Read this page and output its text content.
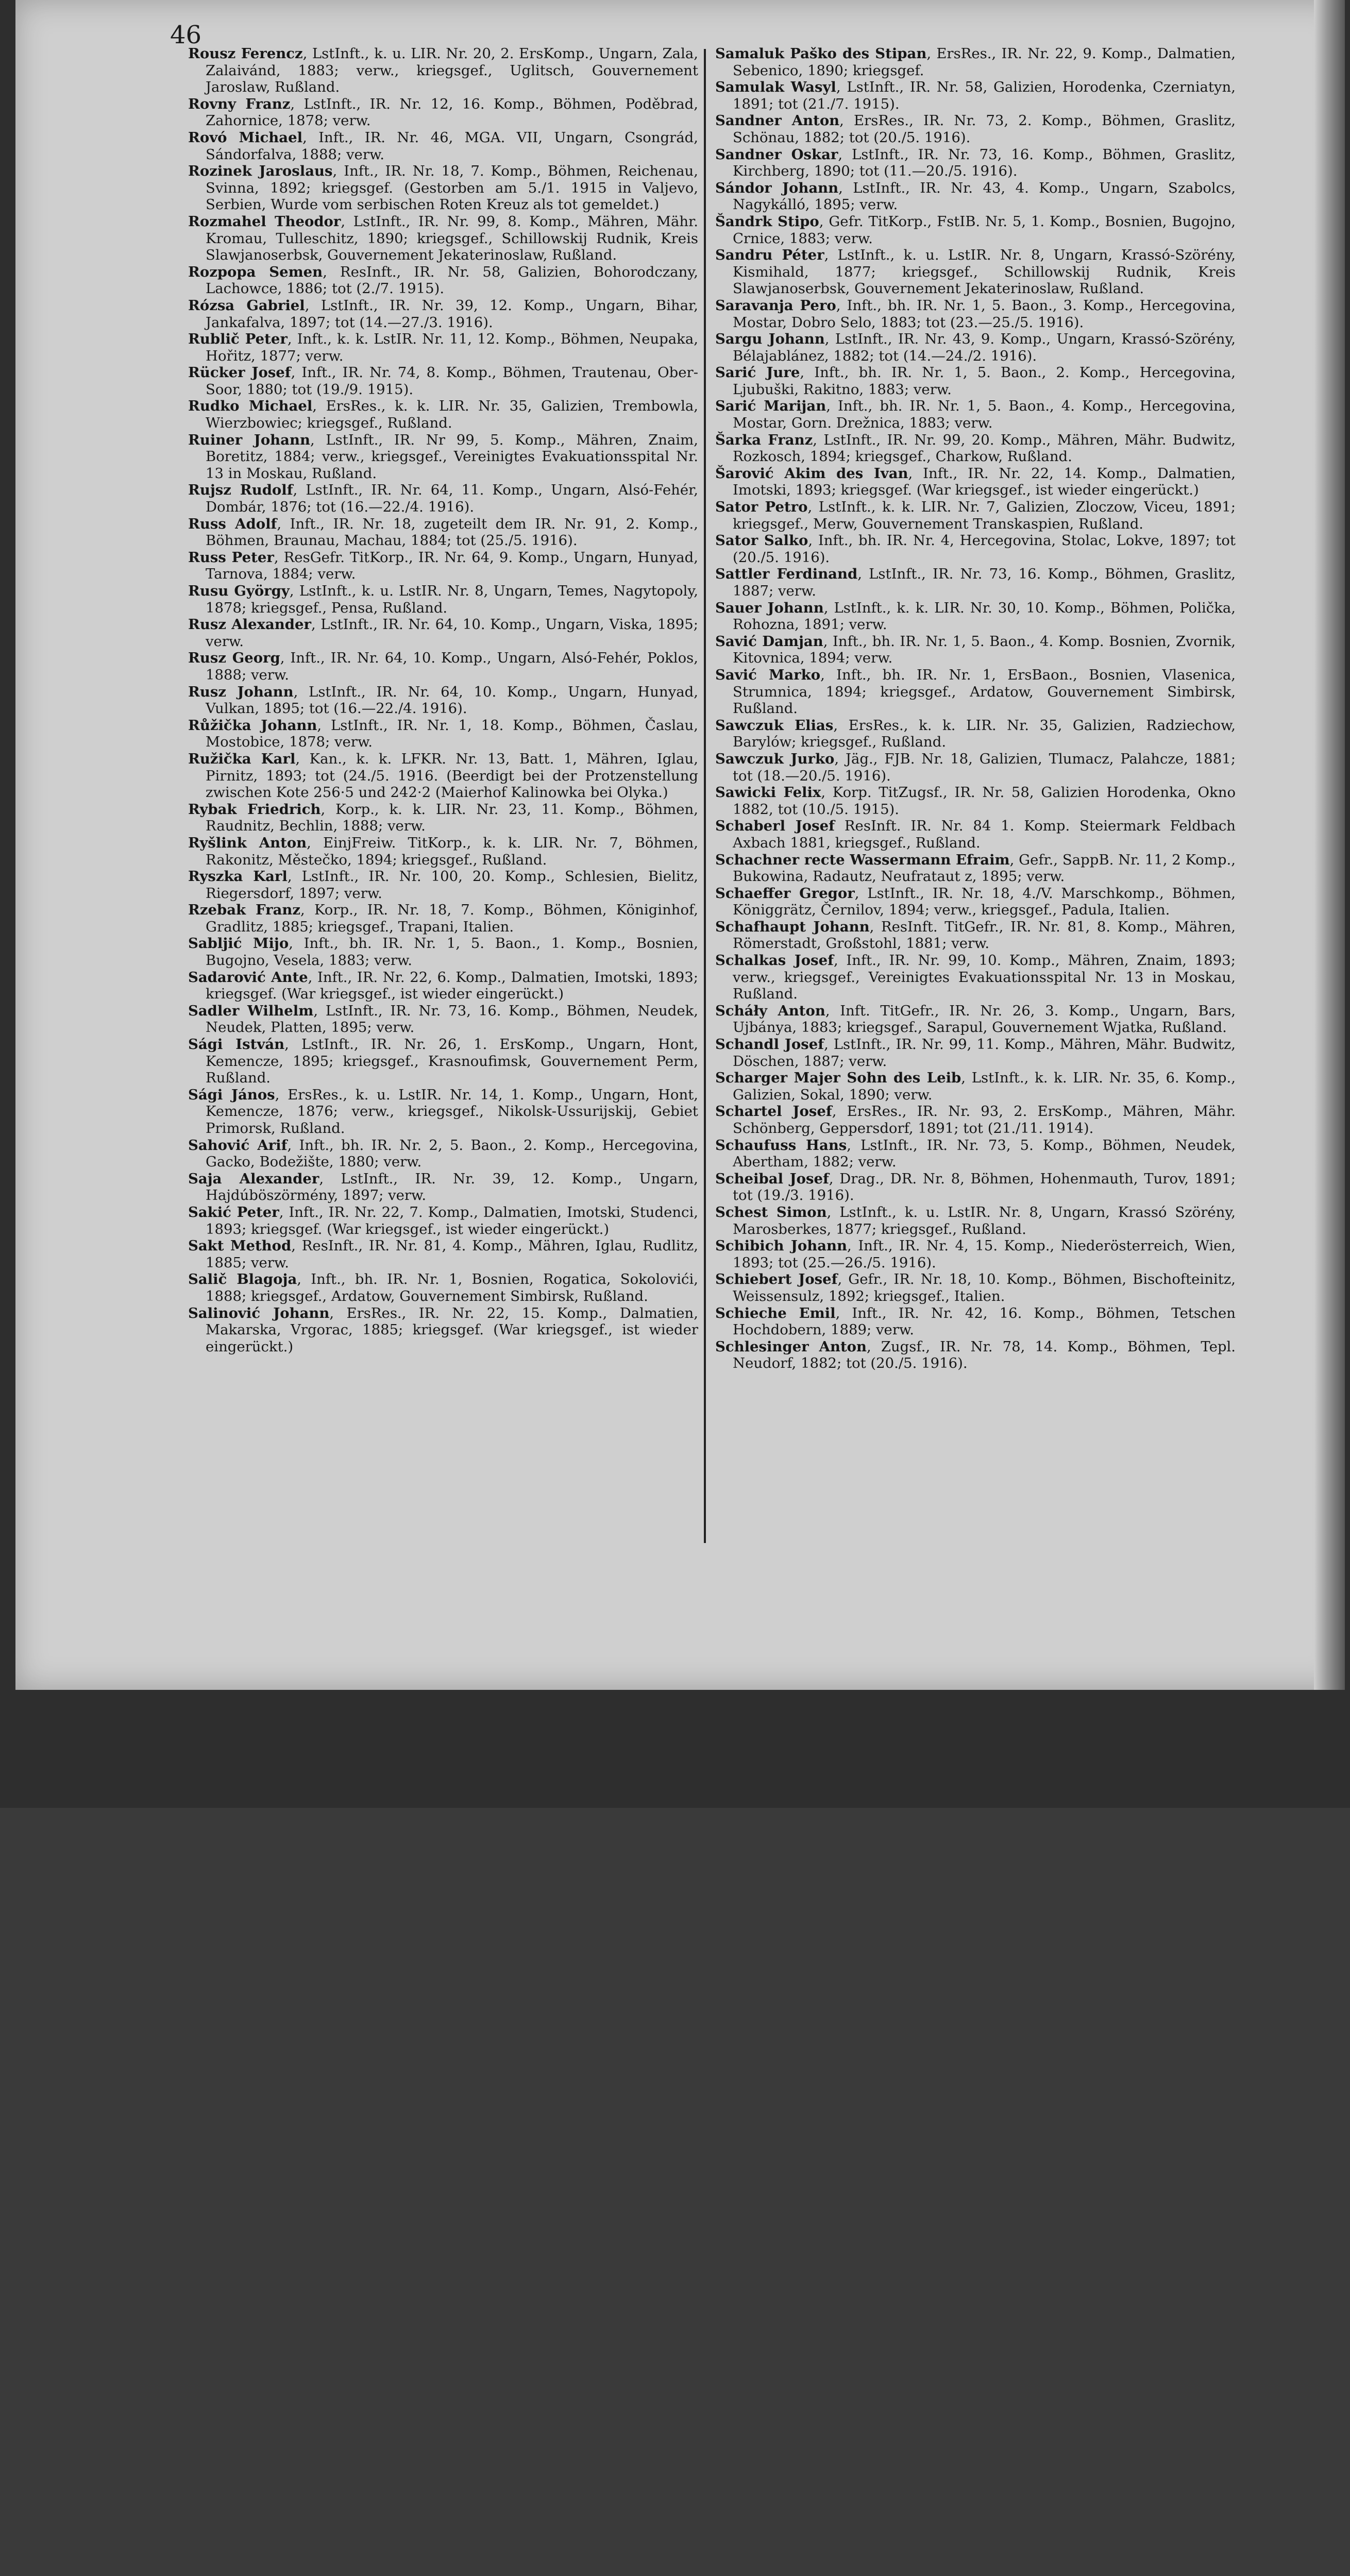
46
Rousz Ferencz, LstInft., k. u. LIR. Nr. 20, 2. ErsKomp., Ungarn, Zala, Zalaivánd, 1883; verw., kriegsgef., Uglitsch, Gouvernement Jaroslaw, Rußland.
Rovny Franz, LstInft., IR. Nr. 12, 16. Komp., Böhmen, Poděbrad, Zahornice, 1878; verw.
Rovó Michael, Inft., IR. Nr. 46, MGA. VII, Ungarn, Csongrád, Sándorfalva, 1888; verw.
Rozinek Jaroslaus, Inft., IR. Nr. 18, 7. Komp., Böhmen, Reichenau, Svinna, 1892; kriegsgef. (Gestorben am 5./1. 1915 in Valjevo, Serbien, Wurde vom serbischen Roten Kreuz als tot gemeldet.)
Rozmahel Theodor, LstInft., IR. Nr. 99, 8. Komp., Mähren, Mähr. Kromau, Tulleschitz, 1890; kriegsgef., Schillowskij Rudnik, Kreis Slawjanoserbsk, Gouvernement Jekaterinoslaw, Rußland.
Rozpopa Semen, ResInft., IR. Nr. 58, Galizien, Bohorodczany, Lachowce, 1886; tot (2./7. 1915).
Rózsa Gabriel, LstInft., IR. Nr. 39, 12. Komp., Ungarn, Bihar, Jankafalva, 1897; tot (14.—27./3. 1916).
Rublič Peter, Inft., k. k. LstIR. Nr. 11, 12. Komp., Böhmen, Neupaka, Hořitz, 1877; verw.
Rücker Josef, Inft., IR. Nr. 74, 8. Komp., Böhmen, Trautenau, Ober-Soor, 1880; tot (19./9. 1915).
Rudko Michael, ErsRes., k. k. LIR. Nr. 35, Galizien, Trembowla, Wierzbowiec; kriegsgef., Rußland.
Ruiner Johann, LstInft., IR. Nr 99, 5. Komp., Mähren, Znaim, Boretitz, 1884; verw., kriegsgef., Vereinigtes Evakuationsspital Nr. 13 in Moskau, Rußland.
Rujsz Rudolf, LstInft., IR. Nr. 64, 11. Komp., Ungarn, Alsó-Fehér, Dombár, 1876; tot (16.—22./4. 1916).
Russ Adolf, Inft., IR. Nr. 18, zugeteilt dem IR. Nr. 91, 2. Komp., Böhmen, Braunau, Machau, 1884; tot (25./5. 1916).
Russ Peter, ResGefr. TitKorp., IR. Nr. 64, 9. Komp., Ungarn, Hunyad, Tarnova, 1884; verw.
Rusu György, LstInft., k. u. LstIR. Nr. 8, Ungarn, Temes, Nagytopoly, 1878; kriegsgef., Pensa, Rußland.
Rusz Alexander, LstInft., IR. Nr. 64, 10. Komp., Ungarn, Viska, 1895; verw.
Rusz Georg, Inft., IR. Nr. 64, 10. Komp., Ungarn, Alsó-Fehér, Poklos, 1888; verw.
Rusz Johann, LstInft., IR. Nr. 64, 10. Komp., Ungarn, Hunyad, Vulkan, 1895; tot (16.—22./4. 1916).
Růžička Johann, LstInft., IR. Nr. 1, 18. Komp., Böhmen, Časlau, Mostobice, 1878; verw.
Ružička Karl, Kan., k. k. LFKR. Nr. 13, Batt. 1, Mähren, Iglau, Pirnitz, 1893; tot (24./5. 1916. (Beerdigt bei der Protzenstellung zwischen Kote 256·5 und 242·2 (Maierhof Kalinowka bei Olyka.)
Rybak Friedrich, Korp., k. k. LIR. Nr. 23, 11. Komp., Böhmen, Raudnitz, Bechlin, 1888; verw.
Ryšlink Anton, EinjFreiw. TitKorp., k. k. LIR. Nr. 7, Böhmen, Rakonitz, Městečko, 1894; kriegsgef., Rußland.
Ryszka Karl, LstInft., IR. Nr. 100, 20. Komp., Schlesien, Bielitz, Riegersdorf, 1897; verw.
Rzebak Franz, Korp., IR. Nr. 18, 7. Komp., Böhmen, Königinhof, Gradlitz, 1885; kriegsgef., Trapani, Italien.
Sabljić Mijo, Inft., bh. IR. Nr. 1, 5. Baon., 1. Komp., Bosnien, Bugojno, Vesela, 1883; verw.
Sadarović Ante, Inft., IR. Nr. 22, 6. Komp., Dalmatien, Imotski, 1893; kriegsgef. (War kriegsgef., ist wieder eingerückt.)
Sadler Wilhelm, LstInft., IR. Nr. 73, 16. Komp., Böhmen, Neudek, Neudek, Platten, 1895; verw.
Sági István, LstInft., IR. Nr. 26, 1. ErsKomp., Ungarn, Hont, Kemencze, 1895; kriegsgef., Krasnoufimsk, Gouvernement Perm, Rußland.
Sági János, ErsRes., k. u. LstIR. Nr. 14, 1. Komp., Ungarn, Hont, Kemencze, 1876; verw., kriegsgef., Nikolsk-Ussurijskij, Gebiet Primorsk, Rußland.
Sahović Arif, Inft., bh. IR. Nr. 2, 5. Baon., 2. Komp., Hercegovina, Gacko, Bodežište, 1880; verw.
Saja Alexander, LstInft., IR. Nr. 39, 12. Komp., Ungarn, Hajdúböszörmény, 1897; verw.
Sakić Peter, Inft., IR. Nr. 22, 7. Komp., Dalmatien, Imotski, Studenci, 1893; kriegsgef. (War kriegsgef., ist wieder eingerückt.)
Sakt Method, ResInft., IR. Nr. 81, 4. Komp., Mähren, Iglau, Rudlitz, 1885; verw.
Salič Blagoja, Inft., bh. IR. Nr. 1, Bosnien, Rogatica, Sokolovići, 1888; kriegsgef., Ardatow, Gouvernement Simbirsk, Rußland.
Salinović Johann, ErsRes., IR. Nr. 22, 15. Komp., Dalmatien, Makarska, Vrgorac, 1885; kriegsgef. (War kriegsgef., ist wieder eingerückt.)
Samaluk Paško des Stipan, ErsRes., IR. Nr. 22, 9. Komp., Dalmatien, Sebenico, 1890; kriegsgef.
Samulak Wasyl, LstInft., IR. Nr. 58, Galizien, Horodenka, Czerniatyn, 1891; tot (21./7. 1915).
Sandner Anton, ErsRes., IR. Nr. 73, 2. Komp., Böhmen, Graslitz, Schönau, 1882; tot (20./5. 1916).
Sandner Oskar, LstInft., IR. Nr. 73, 16. Komp., Böhmen, Graslitz, Kirchberg, 1890; tot (11.—20./5. 1916).
Sándor Johann, LstInft., IR. Nr. 43, 4. Komp., Ungarn, Szabolcs, Nagykálló, 1895; verw.
Šandrk Stipo, Gefr. TitKorp., FstIB. Nr. 5, 1. Komp., Bosnien, Bugojno, Crnice, 1883; verw.
Sandru Péter, LstInft., k. u. LstIR. Nr. 8, Ungarn, Krassó-Szörény, Kismihald, 1877; kriegsgef., Schillowskij Rudnik, Kreis Slawjanoserbsk, Gouvernement Jekaterinoslaw, Rußland.
Saravanja Pero, Inft., bh. IR. Nr. 1, 5. Baon., 3. Komp., Hercegovina, Mostar, Dobro Selo, 1883; tot (23.—25./5. 1916).
Sargu Johann, LstInft., IR. Nr. 43, 9. Komp., Ungarn, Krassó-Szörény, Bélajablánez, 1882; tot (14.—24./2. 1916).
Sarić Jure, Inft., bh. IR. Nr. 1, 5. Baon., 2. Komp., Hercegovina, Ljubuški, Rakitno, 1883; verw.
Sarić Marijan, Inft., bh. IR. Nr. 1, 5. Baon., 4. Komp., Hercegovina, Mostar, Gorn. Drežnica, 1883; verw.
Šarka Franz, LstInft., IR. Nr. 99, 20. Komp., Mähren, Mähr. Budwitz, Rozkosch, 1894; kriegsgef., Charkow, Rußland.
Šarović Akim des Ivan, Inft., IR. Nr. 22, 14. Komp., Dalmatien, Imotski, 1893; kriegsgef. (War kriegsgef., ist wieder eingerückt.)
Sator Petro, LstInft., k. k. LIR. Nr. 7, Galizien, Zloczow, Viceu, 1891; kriegsgef., Merw, Gouvernement Transkaspien, Rußland.
Sator Salko, Inft., bh. IR. Nr. 4, Hercegovina, Stolac, Lokve, 1897; tot (20./5. 1916).
Sattler Ferdinand, LstInft., IR. Nr. 73, 16. Komp., Böhmen, Graslitz, 1887; verw.
Sauer Johann, LstInft., k. k. LIR. Nr. 30, 10. Komp., Böhmen, Polička, Rohozna, 1891; verw.
Savić Damjan, Inft., bh. IR. Nr. 1, 5. Baon., 4. Komp. Bosnien, Zvornik, Kitovnica, 1894; verw.
Savić Marko, Inft., bh. IR. Nr. 1, ErsBaon., Bosnien, Vlasenica, Strumnica, 1894; kriegsgef., Ardatow, Gouvernement Simbirsk, Rußland.
Sawczuk Elias, ErsRes., k. k. LIR. Nr. 35, Galizien, Radziechow, Barylów; kriegsgef., Rußland.
Sawczuk Jurko, Jäg., FJB. Nr. 18, Galizien, Tlumacz, Palahcze, 1881; tot (18.—20./5. 1916).
Sawicki Felix, Korp. TitZugsf., IR. Nr. 58, Galizien Horodenka, Okno 1882, tot (10./5. 1915).
Schaberl Josef ResInft. IR. Nr. 84 1. Komp. Steiermark Feldbach Axbach 1881, kriegsgef., Rußland.
Schachner recte Wassermann Efraim, Gefr., SappB. Nr. 11, 2 Komp., Bukowina, Radautz, Neufrataut z, 1895; verw.
Schaeffer Gregor, LstInft., IR. Nr. 18, 4./V. Marschkomp., Böhmen, Königgrätz, Černilov, 1894; verw., kriegsgef., Padula, Italien.
Schafhaupt Johann, ResInft. TitGefr., IR. Nr. 81, 8. Komp., Mähren, Römerstadt, Großstohl, 1881; verw.
Schalkas Josef, Inft., IR. Nr. 99, 10. Komp., Mähren, Znaim, 1893; verw., kriegsgef., Vereinigtes Evakuationsspital Nr. 13 in Moskau, Rußland.
Scháły Anton, Inft. TitGefr., IR. Nr. 26, 3. Komp., Ungarn, Bars, Ujbánya, 1883; kriegsgef., Sarapul, Gouvernement Wjatka, Rußland.
Schandl Josef, LstInft., IR. Nr. 99, 11. Komp., Mähren, Mähr. Budwitz, Döschen, 1887; verw.
Scharger Majer Sohn des Leib, LstInft., k. k. LIR. Nr. 35, 6. Komp., Galizien, Sokal, 1890; verw.
Schartel Josef, ErsRes., IR. Nr. 93, 2. ErsKomp., Mähren, Mähr. Schönberg, Geppersdorf, 1891; tot (21./11. 1914).
Schaufuss Hans, LstInft., IR. Nr. 73, 5. Komp., Böhmen, Neudek, Abertham, 1882; verw.
Scheibal Josef, Drag., DR. Nr. 8, Böhmen, Hohenmauth, Turov, 1891; tot (19./3. 1916).
Schest Simon, LstInft., k. u. LstIR. Nr. 8, Ungarn, Krassó Szörény, Marosberkes, 1877; kriegsgef., Rußland.
Schibich Johann, Inft., IR. Nr. 4, 15. Komp., Niederösterreich, Wien, 1893; tot (25.—26./5. 1916).
Schiebert Josef, Gefr., IR. Nr. 18, 10. Komp., Böhmen, Bischofteinitz, Weissensulz, 1892; kriegsgef., Italien.
Schieche Emil, Inft., IR. Nr. 42, 16. Komp., Böhmen, Tetschen Hochdobern, 1889; verw.
Schlesinger Anton, Zugsf., IR. Nr. 78, 14. Komp., Böhmen, Tepl. Neudorf, 1882; tot (20./5. 1916).
